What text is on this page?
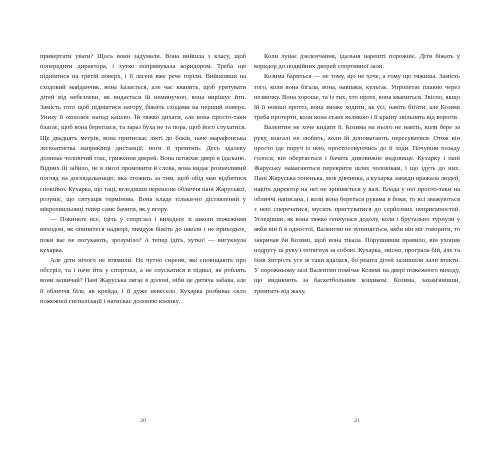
привертати уваги? Щось вони задумали. Вона вийшла з класу, щоб попередити директора, і хутко попрямувала коридором. Треба ще підніятися на третій поверх, і її легені вже рече горiли. Вийшовши на сходовий майданчик, вона kaзається, але час квапить, щоб урятувати дітей від небезпеки, як видається їй неминучою, вона вирішує йти. Замість того щоб підніятися нагору, біжить сходами на перший поверх. Унизу її охоплює напад кашлю. Їй тяжко дихати, але вона просто-таки благає, щоб вона береглася, та зараз буха не та пора, щоб його слухатися. Ще двадцять метрів, вона притискає лікті до боків, наче марафонська легкоатлетка наприкінці дистанції; ноги її тремтять. Десь здалеку долинає чоловічий глас, гриження дверей. Вона штовхає двері в їдальню. Відних їй забило, не в змозі промовити й слова, вона кидає розпачливий погляд на доглядальницю, яка стежить за тим, щоб обід мав відбитися спокійно. Кухарка, що таці, вгледівши перешоне обличчя пані Жаруської, розуміє, що ситуація термінова. Вона кладе тільки-но діставлений у мікрохвильовці тепер саме бачити, як у вгору.

— Покиньте все, ідіть у спортзал і виходьте зі школи пожежним виходом, як опинитеся надворі, чимдуж біжіть до школи і не приходьте, поки вас не погукають, зрозуміло? А тепер ідіть, хутко! — вигукнула кухарка.

Але діти нічого не втямили. Не чутно сирени, які сповіщають про обстріл, та і наче йти у спортзал, а не спускатися в підвал, як роблять вони зазвичай? Пані Жаруська лягає в долоні, ніби це дитяча забава, але її обличчя біле, як крейда, і її дуже невесело. Кухарка розбиває скло пожежної сигналізації і натискає долонею кнопку.

20

Коли лунає дзеленчання, їдальня нарешті порожніє. Діти біжать у коридор до подвійних дверей спортивної зали.

Козима бариться — не тому, що не хоче, а тому що тяжиша. Замість того, коли вона бігала, вона, навпаки, кульгає. Упропетає плавно через незвичку. Вона хороше, та із тих, хто проте, вона квапиться. Звісно, якщо їй її новіші протез, вона зможе ходити, як усі, навіть бігати; але Козимі треба протерти, коли вона стане великою і її країну звільнять від ворогів.

Валентин не хоче кидати її. Козима на нього не навіть, коли бере за руку, взагалі не любить, коли їй допомагають пересуватися. Отож він просто іде поруч із нею, простосовуючись до її ходи. Почувши позаду голоси, він обертається і бачить дивовижне видовище. Кухарку і пані Жаруську намагаються перекрити шлях чоловікам, і що ідуть до них. Пані Жаруська тоненька, мов дівчинка, а кухарка завжди вражала людей, навіть директор на неї не зрівняється у вазі. Влада у неї просто-таки на обличчі написана, і коли вона береться рукама в боки, то всі зважуються з нею сперечатися, мусить пригтуватися до серйозних неприємностей. Угледівши, як вона тяжко гепнулася додолу, коли і брутально турнули у якби він її в одностої, Валентин не зупиняється, якби він міг говорити, то закричав би Козимі, щоб вона тікала. Порушивши правило, він ухопив подругу за руку і потягнув за собою. Кухарка, звісно, програла бій, але та їхня хитрість усе ж таки вдалася, бо решта дітей залишили зали втекти. У порожньому залі Валентин помічає Козимі на двері пожежного виходу, що виднюють за баскетбольним кошиком. Козима, захам'янівши, тремтить від жаху.

21
